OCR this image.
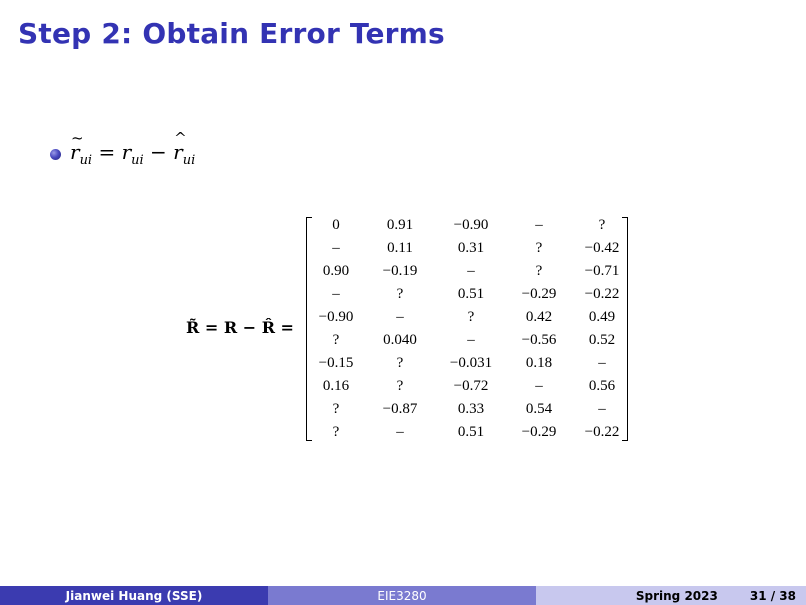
Step 2: Obtain Error Terms
~
$r_{ui} = r_{ui}$ −
^
$r_{ui}$
R̃ = R − R̂ =
0	0.91	−0.90	–	?
–	0.11	0.31	?	−0.42
0.90	−0.19	–	?	−0.71
–	?	0.51	−0.29	−0.22
−0.90	–	?	0.42	0.49
?	0.040	–	−0.56	0.52
−0.15	?	−0.031	0.18	–
0.16	?	−0.72	–	0.56
?	−0.87	0.33	0.54	–
?	–	0.51	−0.29	−0.22
Jianwei Huang (SSE)	EIE3280	Spring 2023	31 / 38
